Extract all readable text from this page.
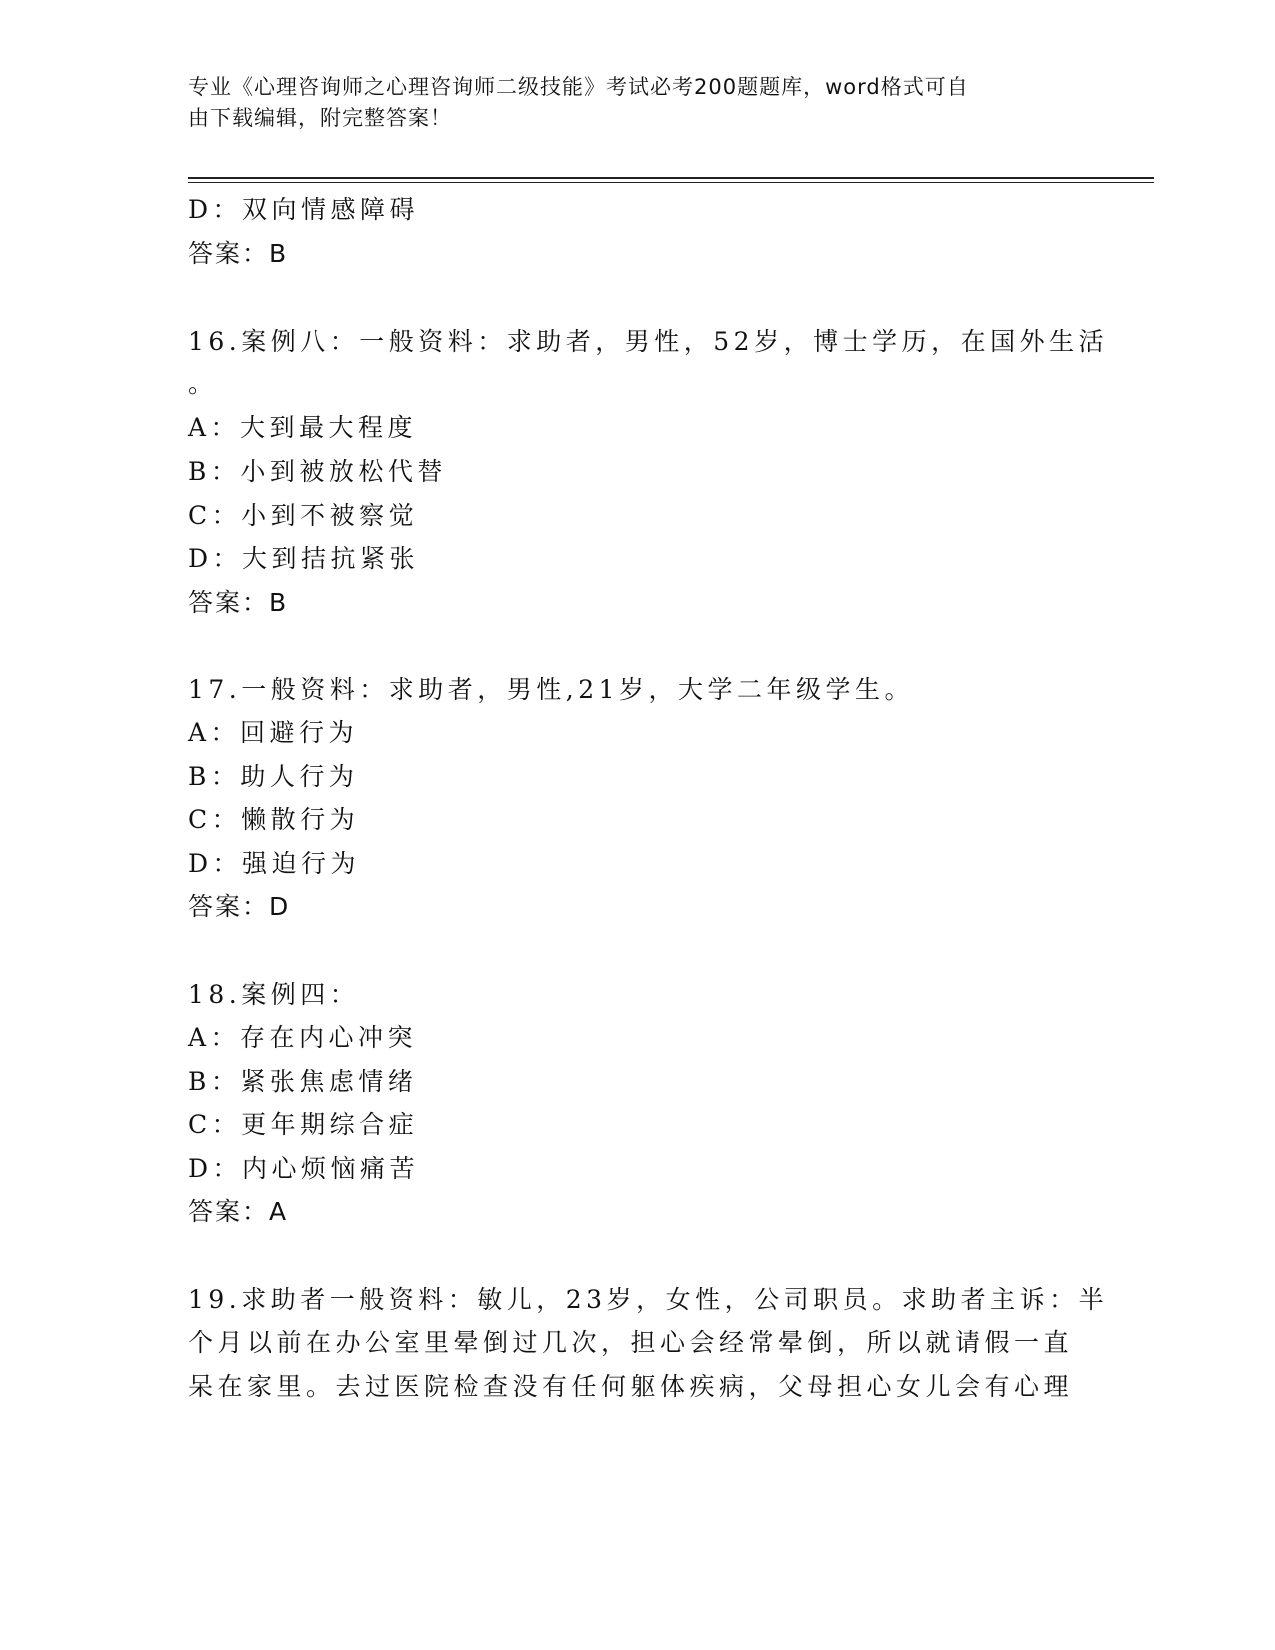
专业《心理咨询师之心理咨询师二级技能》考试必考200题题库，word格式可自
由下载编辑，附完整答案！
D：双向情感障碍
答案：B
16.案例八：一般资料：求助者，男性，52岁，博士学历，在国外生活
。
A：大到最大程度
B：小到被放松代替
C：小到不被察觉
D：大到拮抗紧张
答案：B
17.一般资料：求助者，男性,21岁，大学二年级学生。
A：回避行为
B：助人行为
C：懒散行为
D：强迫行为
答案：D
18.案例四：
A：存在内心冲突
B：紧张焦虑情绪
C：更年期综合症
D：内心烦恼痛苦
答案：A
19.求助者一般资料：敏儿，23岁，女性，公司职员。求助者主诉：半
个月以前在办公室里晕倒过几次，担心会经常晕倒，所以就请假一直
呆在家里。去过医院检查没有任何躯体疾病，父母担心女儿会有心理
